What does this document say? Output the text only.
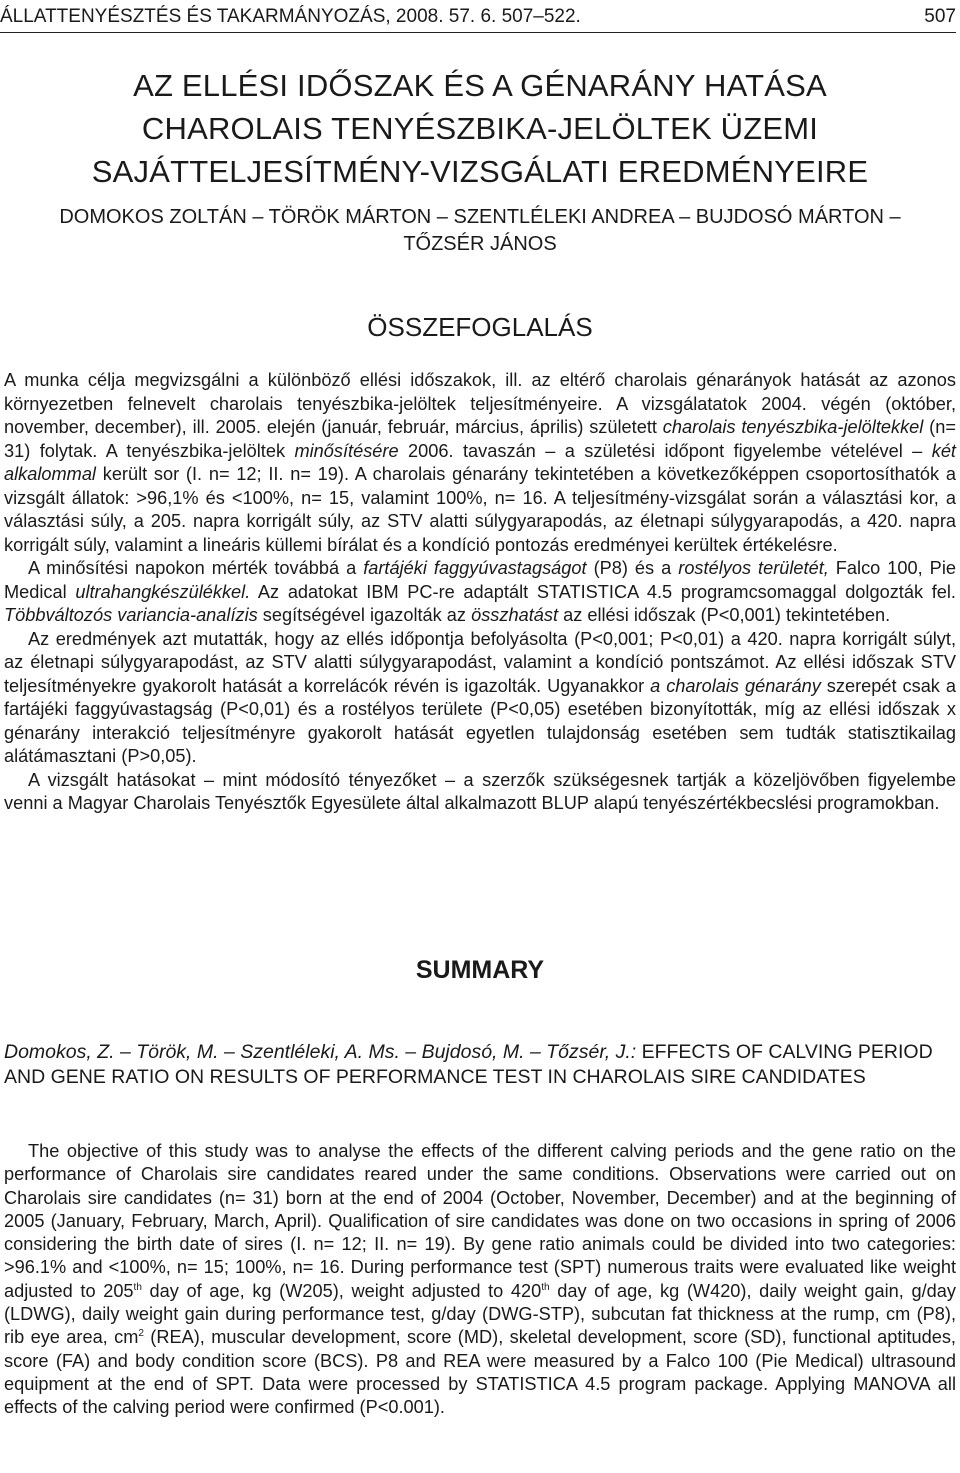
ÁLLATTENYÉSZTÉS ÉS TAKARMÁNYOZÁS, 2008. 57. 6. 507–522.	507
AZ ELLÉSI IDŐSZAK ÉS A GÉNARÁNY HATÁSA
CHAROLAIS TENYÉSZBIKA-JELÖLTEK ÜZEMI
SAJÁTTELJESÍTMÉNY-VIZSGÁLATI EREDMÉNYEIRE
DOMOKOS ZOLTÁN – TÖRÖK MÁRTON – SZENTLÉLEKI ANDREA – BUJDOSÓ MÁRTON –
TŐZSÉR JÁNOS
ÖSSZEFOGLALÁS

A munka célja megvizsgálni a különböző ellési időszakok, ill. az eltérő charolais génarányok hatását az azonos környezetben felnevelt charolais tenyészbika-jelöltek teljesítményeire. A vizsgálatatok 2004. végén (október, november, december), ill. 2005. elején (január, február, március, április) született charolais tenyészbika-jelöltekkel (n= 31) folytak. A tenyészbika-jelöltek minősítésére 2006. tavaszán – a születési időpont figyelembe vételével – két alkalommal került sor (I. n= 12; II. n= 19). A charolais génarány tekintetében a következőképpen csoportosíthatók a vizsgált állatok: >96,1% és <100%, n= 15, valamint 100%, n= 16. A teljesítmény-vizsgálat során a választási kor, a választási súly, a 205. napra korrigált súly, az STV alatti súlygyarapodás, az életnapi súlygyarapodás, a 420. napra korrigált súly, valamint a lineáris küllemi bírálat és a kondíció pontozás eredményei kerültek értékelésre.

A minősítési napokon mérték továbbá a fartájéki faggyúvastagságot (P8) és a rostélyos területét, Falco 100, Pie Medical ultrahangkészülékkel. Az adatokat IBM PC-re adaptált STATISTICA 4.5 programcsomaggal dolgozták fel. Többváltozós variancia-analízis segítségével igazolták az összhatást az ellési időszak (P<0,001) tekintetében.

Az eredmények azt mutatták, hogy az ellés időpontja befolyásolta (P<0,001; P<0,01) a 420. napra korrigált súlyt, az életnapi súlygyarapodást, az STV alatti súlygyarapodást, valamint a kondíció pontszámot. Az ellési időszak STV teljesítményekre gyakorolt hatását a korrelácók révén is igazolták. Ugyanakkor a charolais génarány szerepét csak a fartájéki faggyúvastagság (P<0,01) és a rostélyos területe (P<0,05) esetében bizonyították, míg az ellési időszak x génarány interakció teljesítményre gyakorolt hatását egyetlen tulajdonság esetében sem tudták statisztikailag alátámasztani (P>0,05).

A vizsgált hatásokat – mint módosító tényezőket – a szerzők szükségesnek tartják a közeljövőben figyelembe venni a Magyar Charolais Tenyésztők Egyesülete által alkalmazott BLUP alapú tenyészértékbecslési programokban.

SUMMARY
Domokos, Z. – Török, M. – Szentléleki, A. Ms. – Bujdosó, M. – Tőzsér, J.: EFFECTS OF CALVING PERIOD AND GENE RATIO ON RESULTS OF PERFORMANCE TEST IN CHAROLAIS SIRE CANDIDATES

The objective of this study was to analyse the effects of the different calving periods and the gene ratio on the performance of Charolais sire candidates reared under the same conditions. Observations were carried out on Charolais sire candidates (n= 31) born at the end of 2004 (October, November, December) and at the beginning of 2005 (January, February, March, April). Qualification of sire candidates was done on two occasions in spring of 2006 considering the birth date of sires (I. n= 12; II. n= 19). By gene ratio animals could be divided into two categories: >96.1% and <100%, n= 15; 100%, n= 16. During performance test (SPT) numerous traits were evaluated like weight adjusted to 205th day of age, kg (W205), weight adjusted to 420th day of age, kg (W420), daily weight gain, g/day (LDWG), daily weight gain during performance test, g/day (DWG-STP), subcutan fat thickness at the rump, cm (P8), rib eye area, $cm^2$ (REA), muscular development, score (MD), skeletal development, score (SD), functional aptitudes, score (FA) and body condition score (BCS). P8 and REA were measured by a Falco 100 (Pie Medical) ultrasound equipment at the end of SPT. Data were processed by STATISTICA 4.5 program package. Applying MANOVA all effects of the calving period were confirmed (P<0.001).
